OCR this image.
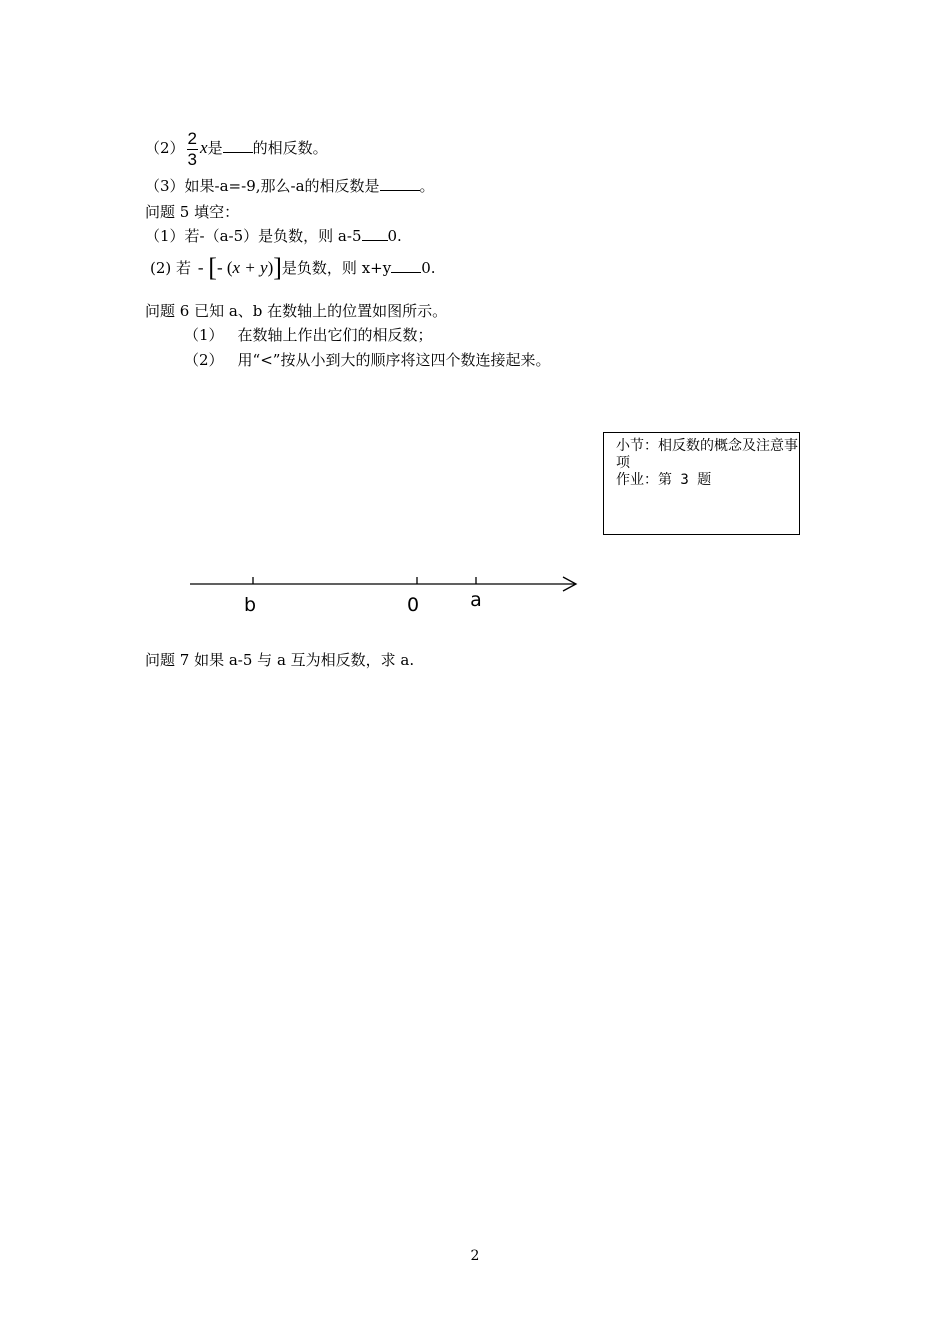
$(2) \frac{2}{3}$ x是 的相反数。
（3）如果-a=-9,那么-a的相反数是	。
问题 5 填空：
（1）若-（a-5）是负数，则 a-5 0.
(2) 若 - [- (x + y)]是负数，则 x+y 0.
问题 6 已知 a、b 在数轴上的位置如图所示。
（1） 在数轴上作出它们的相反数；
（2） 用“<”按从小到大的顺序将这四个数连接起来。
小节：相反数的概念及注意事项
作业：第 3 题
b	0	a
问题 7 如果 a-5 与 a 互为相反数，求 a.
2
